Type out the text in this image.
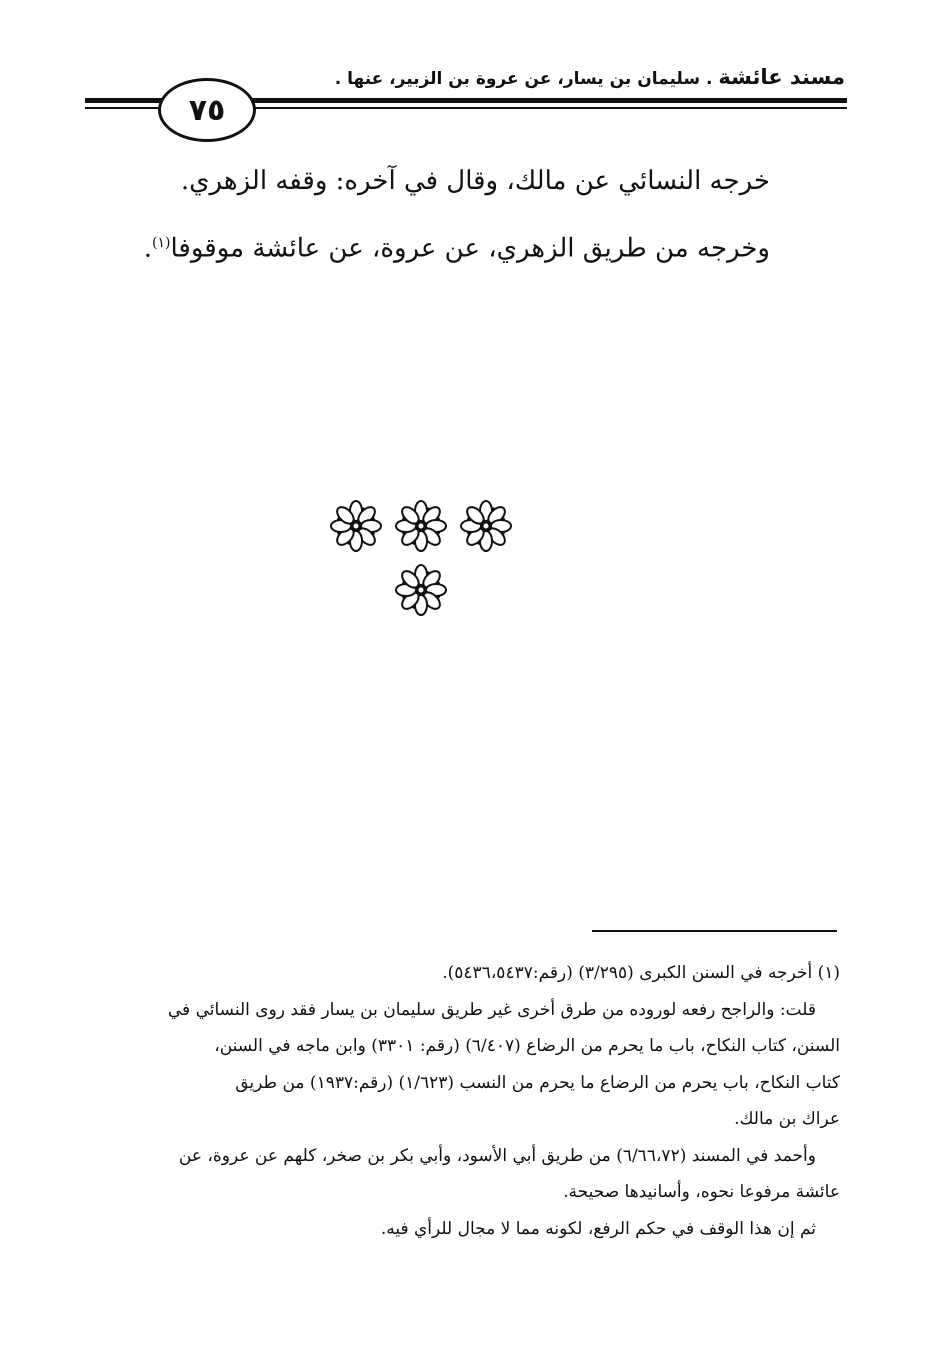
مسند عائشة . سليمان بن يسار، عن عروة بن الزبير، عنها .
٧٥
خرجه النسائي عن مالك، وقال في آخره: وقفه الزهري.
وخرجه من طريق الزهري، عن عروة، عن عائشة موقوفا$^{(١)}$.
(١) أخرجه في السنن الكبرى (٣/٢٩٥) (رقم:٥٤٣٦،٥٤٣٧).
قلت: والراجح رفعه لوروده من طرق أخرى غير طريق سليمان بن يسار فقد روى النسائي في
السنن، كتاب النكاح، باب ما يحرم من الرضاع (٦/٤٠٧) (رقم: ٣٣٠١) وابن ماجه في السنن،
كتاب النكاح، باب يحرم من الرضاع ما يحرم من النسب (١/٦٢٣) (رقم:١٩٣٧) من طريق
عراك بن مالك.
وأحمد في المسند (٦/٦٦،٧٢) من طريق أبي الأسود، وأبي بكر بن صخر، كلهم عن عروة، عن
عائشة مرفوعا نحوه، وأسانيدها صحيحة.
ثم إن هذا الوقف في حكم الرفع، لكونه مما لا مجال للرأي فيه.
